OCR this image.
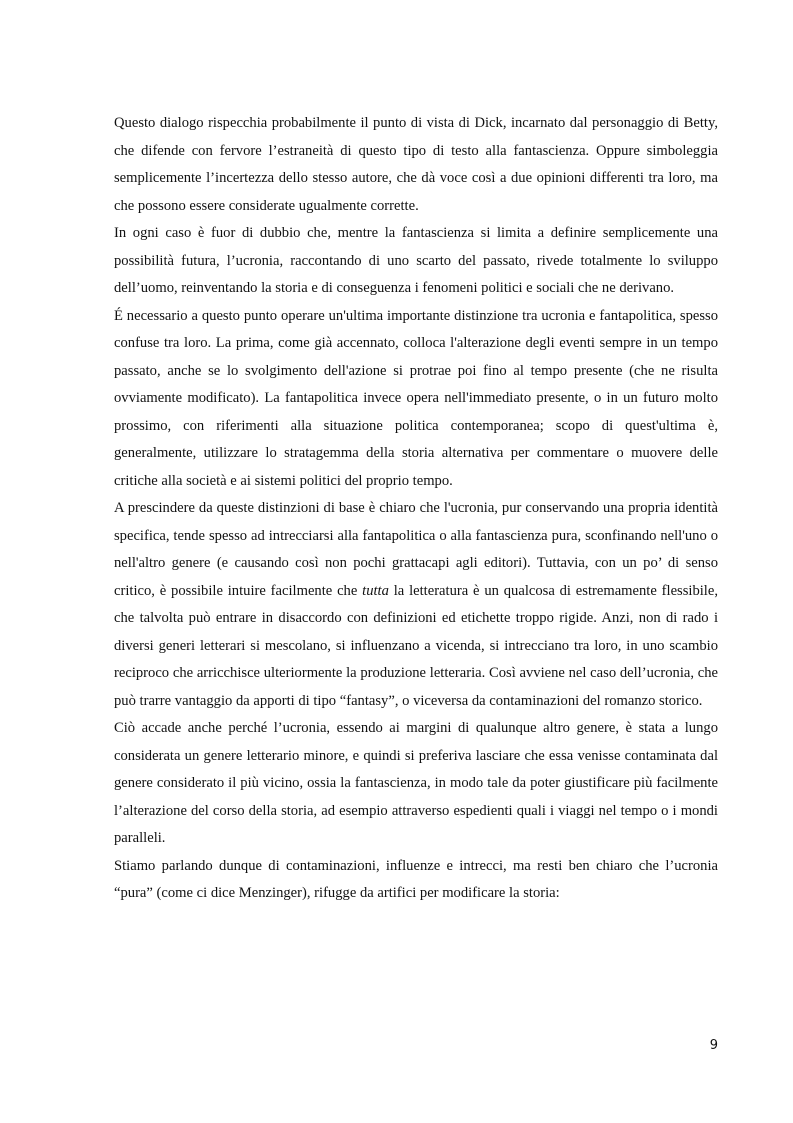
Questo dialogo rispecchia probabilmente il punto di vista di Dick, incarnato dal personaggio di Betty, che difende con fervore l’estraneità di questo tipo di testo alla fantascienza. Oppure simboleggia semplicemente l’incertezza dello stesso autore, che dà voce così a due opinioni differenti tra loro, ma che possono essere considerate ugualmente corrette.

In ogni caso è fuor di dubbio che, mentre la fantascienza si limita a definire semplicemente una possibilità futura, l’ucronia, raccontando di uno scarto del passato, rivede totalmente lo sviluppo dell’uomo, reinventando la storia e di conseguenza i fenomeni politici e sociali che ne derivano.

É necessario a questo punto operare un'ultima importante distinzione tra ucronia e fantapolitica, spesso confuse tra loro. La prima, come già accennato, colloca l'alterazione degli eventi sempre in un tempo passato, anche se lo svolgimento dell'azione si protrae poi fino al tempo presente (che ne risulta ovviamente modificato). La fantapolitica invece opera nell'immediato presente, o in un futuro molto prossimo, con riferimenti alla situazione politica contemporanea; scopo di quest'ultima è, generalmente, utilizzare lo stratagemma della storia alternativa per commentare o muovere delle critiche alla società e ai sistemi politici del proprio tempo.

A prescindere da queste distinzioni di base è chiaro che l'ucronia, pur conservando una propria identità specifica, tende spesso ad intrecciarsi alla fantapolitica o alla fantascienza pura, sconfinando nell'uno o nell'altro genere (e causando così non pochi grattacapi agli editori). Tuttavia, con un po’ di senso critico, è possibile intuire facilmente che tutta la letteratura è un qualcosa di estremamente flessibile, che talvolta può entrare in disaccordo con definizioni ed etichette troppo rigide. Anzi, non di rado i diversi generi letterari si mescolano, si influenzano a vicenda, si intrecciano tra loro, in uno scambio reciproco che arricchisce ulteriormente la produzione letteraria. Così avviene nel caso dell’ucronia, che può trarre vantaggio da apporti di tipo “fantasy”, o viceversa da contaminazioni del romanzo storico.

Ciò accade anche perché l’ucronia, essendo ai margini di qualunque altro genere, è stata a lungo considerata un genere letterario minore, e quindi si preferiva lasciare che essa venisse contaminata dal genere considerato il più vicino, ossia la fantascienza, in modo tale da poter giustificare più facilmente l’alterazione del corso della storia, ad esempio attraverso espedienti quali i viaggi nel tempo o i mondi paralleli.

Stiamo parlando dunque di contaminazioni, influenze e intrecci, ma resti ben chiaro che l’ucronia “pura” (come ci dice Menzinger), rifugge da artifici per modificare la storia:

9
